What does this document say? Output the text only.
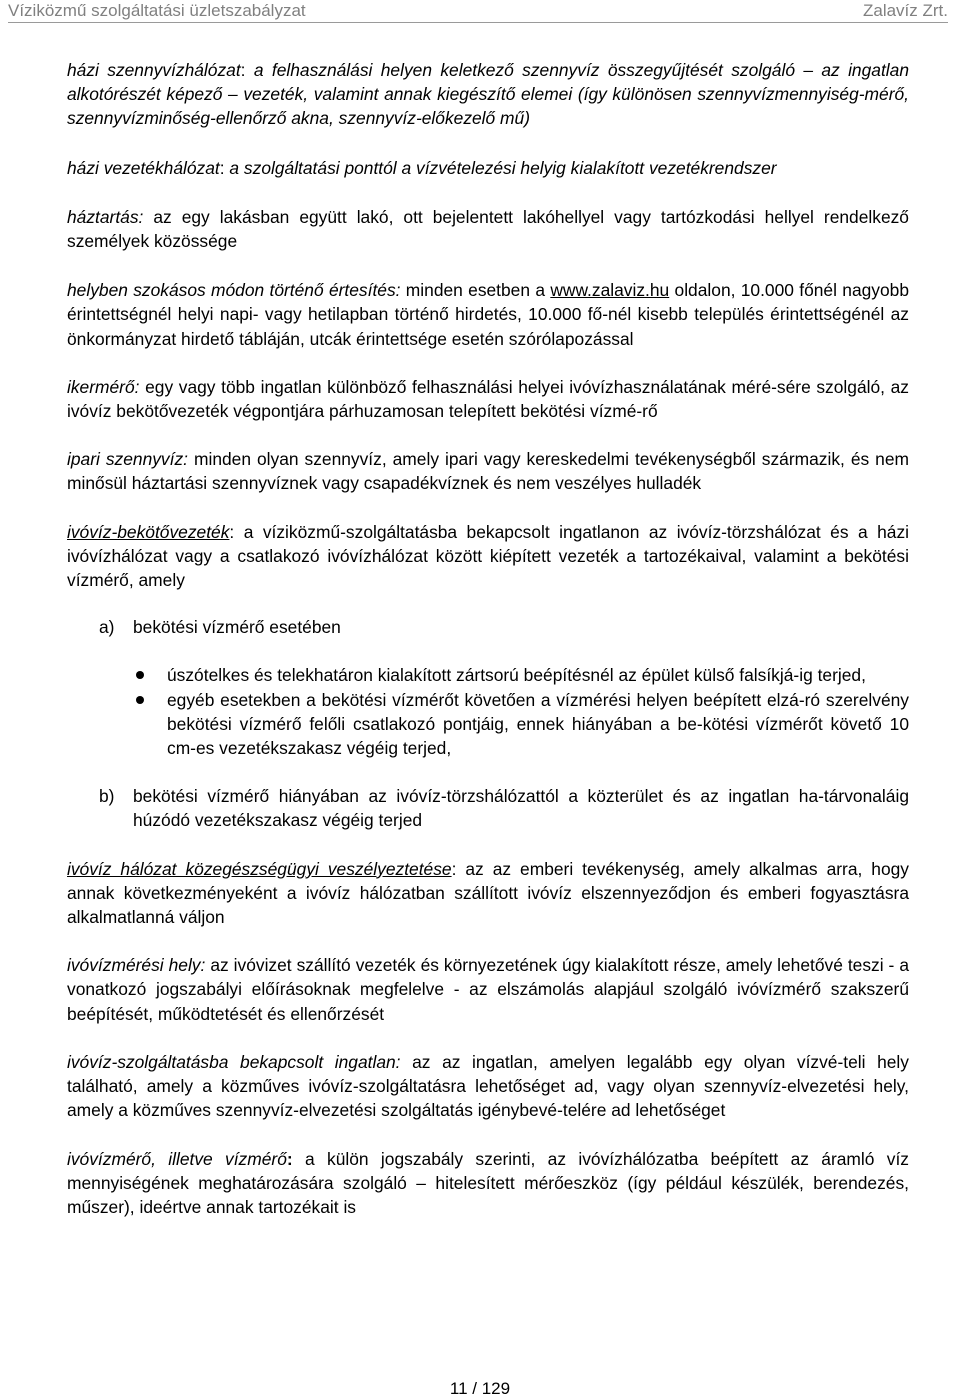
Víziközmű szolgáltatási üzletszabályzat	Zalavíz Zrt.

házi szennyvízhálózat: a felhasználási helyen keletkező szennyvíz összegyűjtését szolgáló – az ingatlan alkotórészét képező – vezeték, valamint annak kiegészítő elemei (így különösen szennyvízmennyiség-mérő, szennyvízminőség-ellenőrző akna, szennyvíz-előkezelő mű)

házi vezetékhálózat: a szolgáltatási ponttól a vízvételezési helyig kialakított vezetékrendszer

háztartás: az egy lakásban együtt lakó, ott bejelentett lakóhellyel vagy tartózkodási hellyel rendelkező személyek közössége

helyben szokásos módon történő értesítés: minden esetben a www.zalaviz.hu oldalon, 10.000 főnél nagyobb érintettségnél helyi napi- vagy hetilapban történő hirdetés, 10.000 fő-nél kisebb település érintettségénél az önkormányzat hirdető tábláján, utcák érintettsége esetén szórólapozással

ikermérő: egy vagy több ingatlan különböző felhasználási helyei ivóvízhasználatának méré-sére szolgáló, az ivóvíz bekötővezeték végpontjára párhuzamosan telepített bekötési vízmé-rő

ipari szennyvíz: minden olyan szennyvíz, amely ipari vagy kereskedelmi tevékenységből származik, és nem minősül háztartási szennyvíznek vagy csapadékvíznek és nem veszélyes hulladék

ivóvíz-bekötővezeték: a víziközmű-szolgáltatásba bekapcsolt ingatlanon az ivóvíz-törzshálózat és a házi ivóvízhálózat vagy a csatlakozó ivóvízhálózat között kiépített vezeték a tartozékaival, valamint a bekötési vízmérő, amely

a) bekötési vízmérő esetében
úszótelkes és telekhatáron kialakított zártsorú beépítésnél az épület külső falsíkjá-ig terjed,
egyéb esetekben a bekötési vízmérőt követően a vízmérési helyen beépített elzá-ró szerelvény bekötési vízmérő felőli csatlakozó pontjáig, ennek hiányában a be-kötési vízmérőt követő 10 cm-es vezetékszakasz végéig terjed,
b) bekötési vízmérő hiányában az ivóvíz-törzshálózattól a közterület és az ingatlan ha-tárvonaláig húzódó vezetékszakasz végéig terjed

ivóvíz hálózat közegészségügyi veszélyeztetése: az az emberi tevékenység, amely alkalmas arra, hogy annak következményeként a ivóvíz hálózatban szállított ivóvíz elszennyeződjon és emberi fogyasztásra alkalmatlanná váljon

ivóvízmérési hely: az ivóvizet szállító vezeték és környezetének úgy kialakított része, amely lehetővé teszi - a vonatkozó jogszabályi előírásoknak megfelelve - az elszámolás alapjául szolgáló ivóvízmérő szakszerű beépítését, működtetését és ellenőrzését

ivóvíz-szolgáltatásba bekapcsolt ingatlan: az az ingatlan, amelyen legalább egy olyan vízvé-teli hely található, amely a közműves ivóvíz-szolgáltatásra lehetőséget ad, vagy olyan szennyvíz-elvezetési hely, amely a közműves szennyvíz-elvezetési szolgáltatás igénybevé-telére ad lehetőséget

ivóvízmérő, illetve vízmérő: a külön jogszabály szerinti, az ivóvízhálózatba beépített az áramló víz mennyiségének meghatározására szolgáló – hitelesített mérőeszköz (így például készülék, berendezés, műszer), ideértve annak tartozékait is

11 / 129
